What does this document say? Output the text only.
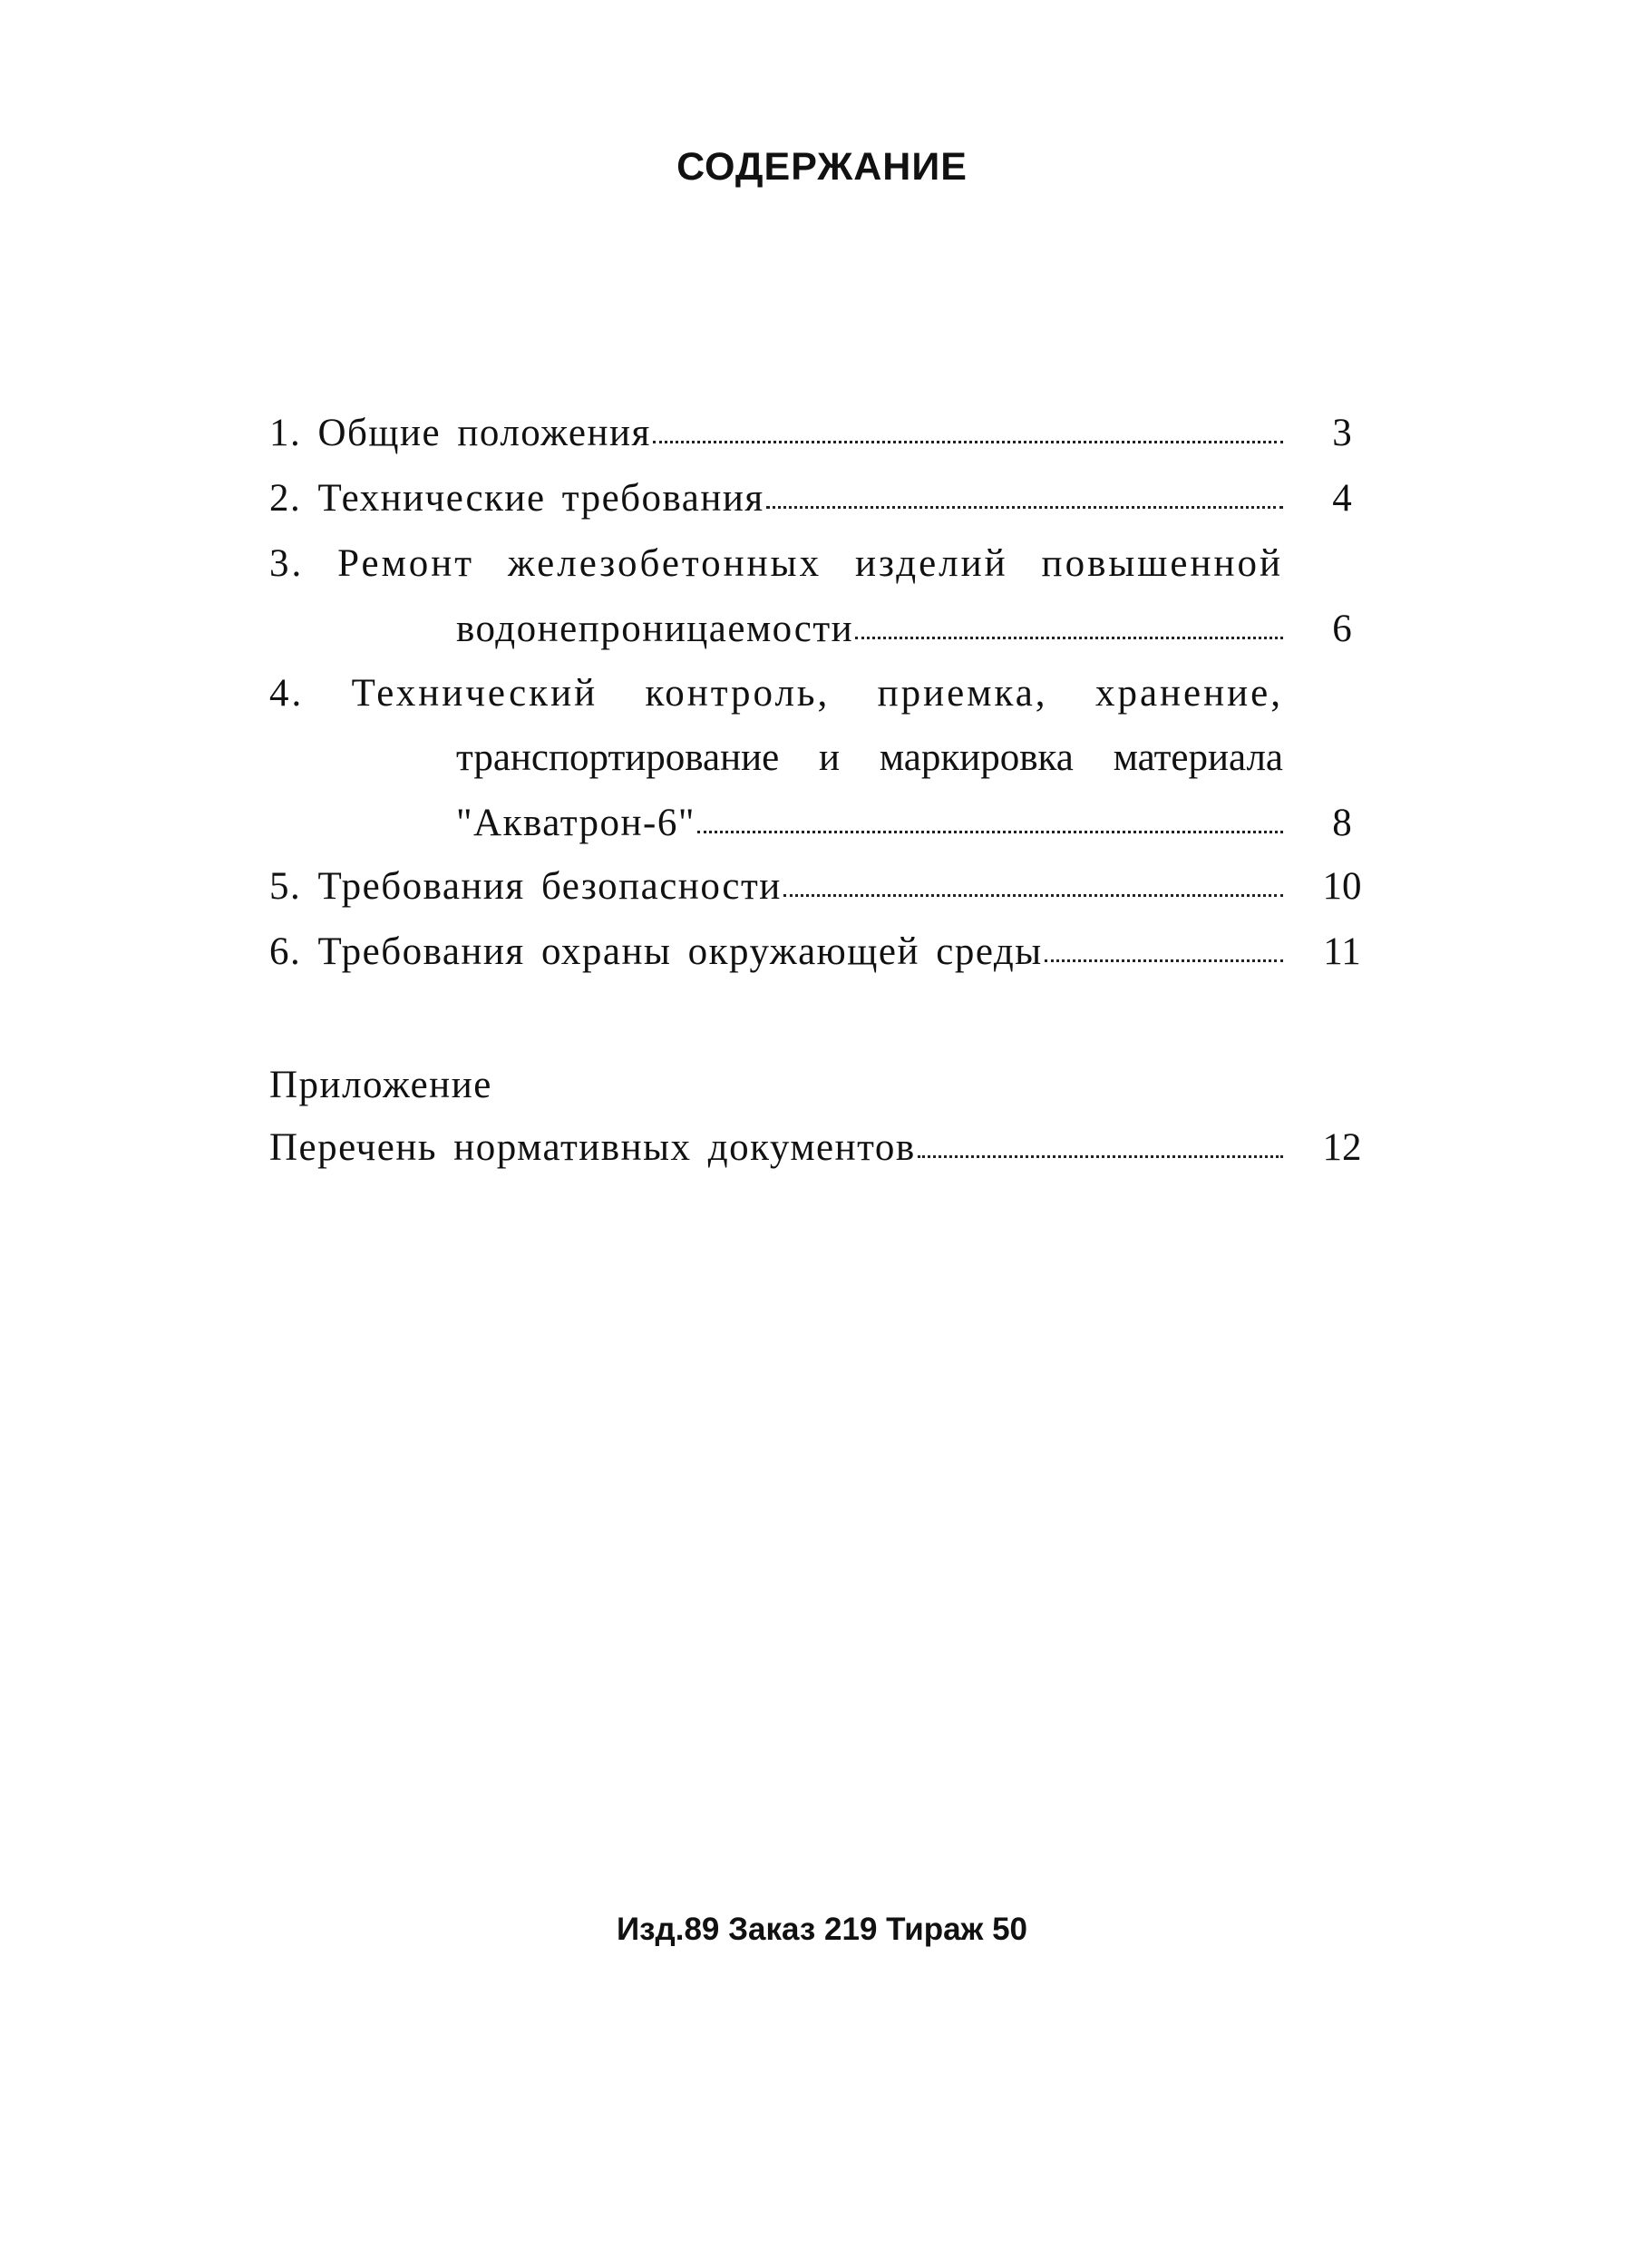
СОДЕРЖАНИЕ
1. Общие положения	3
2. Технические требования	4
3. Ремонт железобетонных изделий повышенной
водонепроницаемости	6
4. Технический контроль, приемка, хранение,
транспортирование и маркировка материала
"Акватрон-6"	8
5. Требования безопасности	10
6. Требования охраны окружающей среды	11
Приложение
Перечень нормативных документов	12
Изд.89 Заказ 219 Тираж 50
